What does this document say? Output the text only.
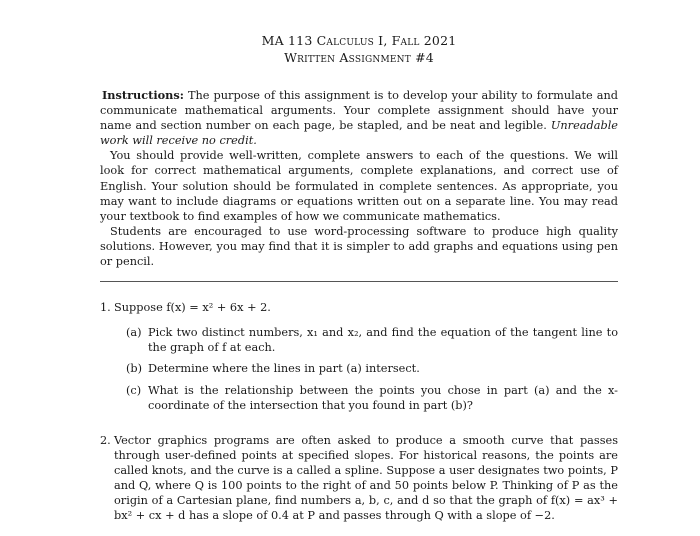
MA 113 Calculus I, Fall 2021
Written Assignment #4

Instructions: The purpose of this assignment is to develop your ability to formulate and communicate mathematical arguments. Your complete assignment should have your name and section number on each page, be stapled, and be neat and legible. Unreadable work will receive no credit.

You should provide well-written, complete answers to each of the questions. We will look for correct mathematical arguments, complete explanations, and correct use of English. Your solution should be formulated in complete sentences. As appropriate, you may want to include diagrams or equations written out on a separate line. You may read your textbook to find examples of how we communicate mathematics.

Students are encouraged to use word-processing software to produce high quality solutions. However, you may find that it is simpler to add graphs and equations using pen or pencil.

1. Suppose f(x) = x² + 6x + 2.
(a) Pick two distinct numbers, x₁ and x₂, and find the equation of the tangent line to the graph of f at each.
(b) Determine where the lines in part (a) intersect.
(c) What is the relationship between the points you chose in part (a) and the x-coordinate of the intersection that you found in part (b)?
2. Vector graphics programs are often asked to produce a smooth curve that passes through user-defined points at specified slopes. For historical reasons, the points are called knots, and the curve is a called a spline. Suppose a user designates two points, P and Q, where Q is 100 points to the right of and 50 points below P. Thinking of P as the origin of a Cartesian plane, find numbers a, b, c, and d so that the graph of f(x) = ax³ + bx² + cx + d has a slope of 0.4 at P and passes through Q with a slope of −2.
